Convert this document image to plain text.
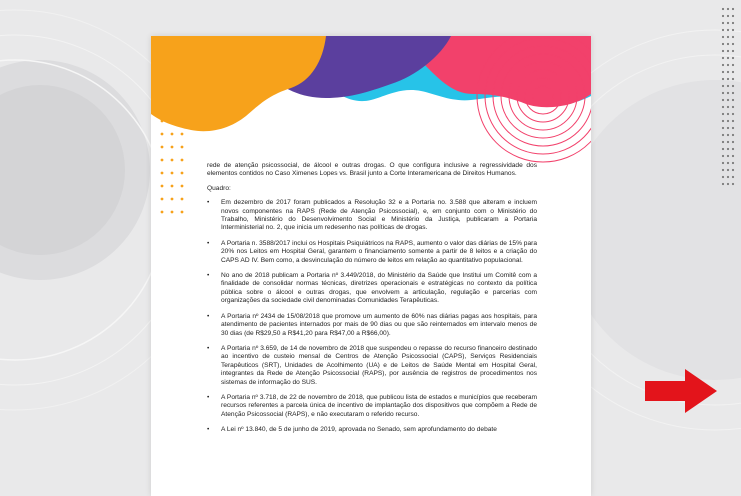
rede de atenção psicossocial, de álcool e outras drogas. O que configura inclusive a regressividade dos elementos contidos no Caso Ximenes Lopes vs. Brasil junto a Corte Interamericana de Direitos Humanos.

Quadro:

• Em dezembro de 2017 foram publicados a Resolução 32 e a Portaria no. 3.588 que alteram e incluem novos componentes na RAPS (Rede de Atenção Psicossocial), e, em conjunto com o Ministério do Trabalho, Ministério do Desenvolvimento Social e Ministério da Justiça, publicaram a Portaria Interministerial no. 2, que inicia um redesenho nas políticas de drogas.
• A Portaria n. 3588/2017 inclui os Hospitais Psiquiátricos na RAPS, aumento o valor das diárias de 15% para 20% nos Leitos em Hospital Geral, garantem o financiamento somente a partir de 8 leitos e a criação do CAPS AD IV. Bem como, a desvinculação do número de leitos em relação ao quantitativo populacional.
• No ano de 2018 publicam a Portaria nº 3.449/2018, do Ministério da Saúde que Institui um Comitê com a finalidade de consolidar normas técnicas, diretrizes operacionais e estratégicas no contexto da política pública sobre o álcool e outras drogas, que envolvem a articulação, regulação e parcerias com organizações da sociedade civil denominadas Comunidades Terapêuticas.
• A Portaria nº 2434 de 15/08/2018 que promove um aumento de 60% nas diárias pagas aos hospitais, para atendimento de pacientes internados por mais de 90 dias ou que são reinternados em intervalo menos de 30 dias (de R$29,50 a R$41,20 para R$47,00 a R$66,00).
• A Portaria nº 3.659, de 14 de novembro de 2018 que suspendeu o repasse do recurso financeiro destinado ao incentivo de custeio mensal de Centros de Atenção Psicossocial (CAPS), Serviços Residenciais Terapêuticos (SRT), Unidades de Acolhimento (UA) e de Leitos de Saúde Mental em Hospital Geral, integrantes da Rede de Atenção Psicossocial (RAPS), por ausência de registros de procedimentos nos sistemas de informação do SUS.
• A Portaria nº 3.718, de 22 de novembro de 2018, que publicou lista de estados e municípios que receberam recursos referentes a parcela única de incentivo de implantação dos dispositivos que compõem a Rede de Atenção Psicossocial (RAPS), e não executaram o referido recurso.
• A Lei nº 13.840, de 5 de junho de 2019, aprovada no Senado, sem aprofundamento do debate
